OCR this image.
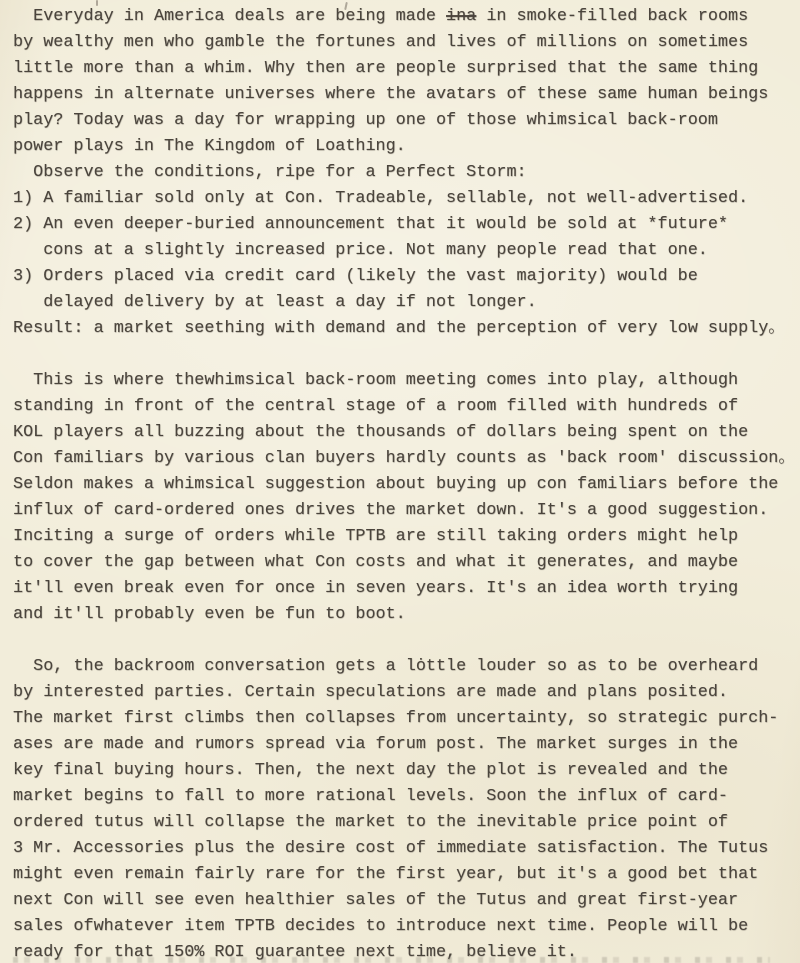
Everyday in America deals are being made ina in smoke-filled back rooms
by wealthy men who gamble the fortunes and lives of millions on sometimes
little more than a whim. Why then are people surprised that the same thing
happens in alternate universes where the avatars of these same human beings
play? Today was a day for wrapping up one of those whimsical back-room
power plays in The Kingdom of Loathing.
Observe the conditions, ripe for a Perfect Storm:
1) A familiar sold only at Con. Tradeable, sellable, not well-advertised.
2) An even deeper-buried announcement that it would be sold at *future*
cons at a slightly increased price. Not many people read that one.
3) Orders placed via credit card (likely the vast majority) would be
delayed delivery by at least a day if not longer.
Result: a market seething with demand and the perception of very low supply。

This is where thewhimsical back-room meeting comes into play, although
standing in front of the central stage of a room filled with hundreds of
KOL players all buzzing about the thousands of dollars being spent on the
Con familiars by various clan buyers hardly counts as 'back room' discussion。
Seldon makes a whimsical suggestion about buying up con familiars before the
influx of card-ordered ones drives the market down. It's a good suggestion.
Inciting a surge of orders while TPTB are still taking orders might help
to cover the gap between what Con costs and what it generates, and maybe
it'll even break even for once in seven years. It's an idea worth trying
and it'll probably even be fun to boot.

So, the backroom conversation gets a lȯttle louder so as to be overheard
by interested parties. Certain speculations are made and plans posited.
The market first climbs then collapses from uncertainty, so strategic purch-
ases are made and rumors spread via forum post. The market surges in the
key final buying hours. Then, the next day the plot is revealed and the
market begins to fall to more rational levels. Soon the influx of card-
ordered tutus will collapse the market to the inevitable price point of
3 Mr. Accessories plus the desire cost of immediate satisfaction. The Tutus
might even remain fairly rare for the first year, but it's a good bet that
next Con will see even healthier sales of the Tutus and great first-year
sales ofwhatever item TPTB decides to introduce next time. People will be
ready for that 150% ROI guarantee next time, believe it.
